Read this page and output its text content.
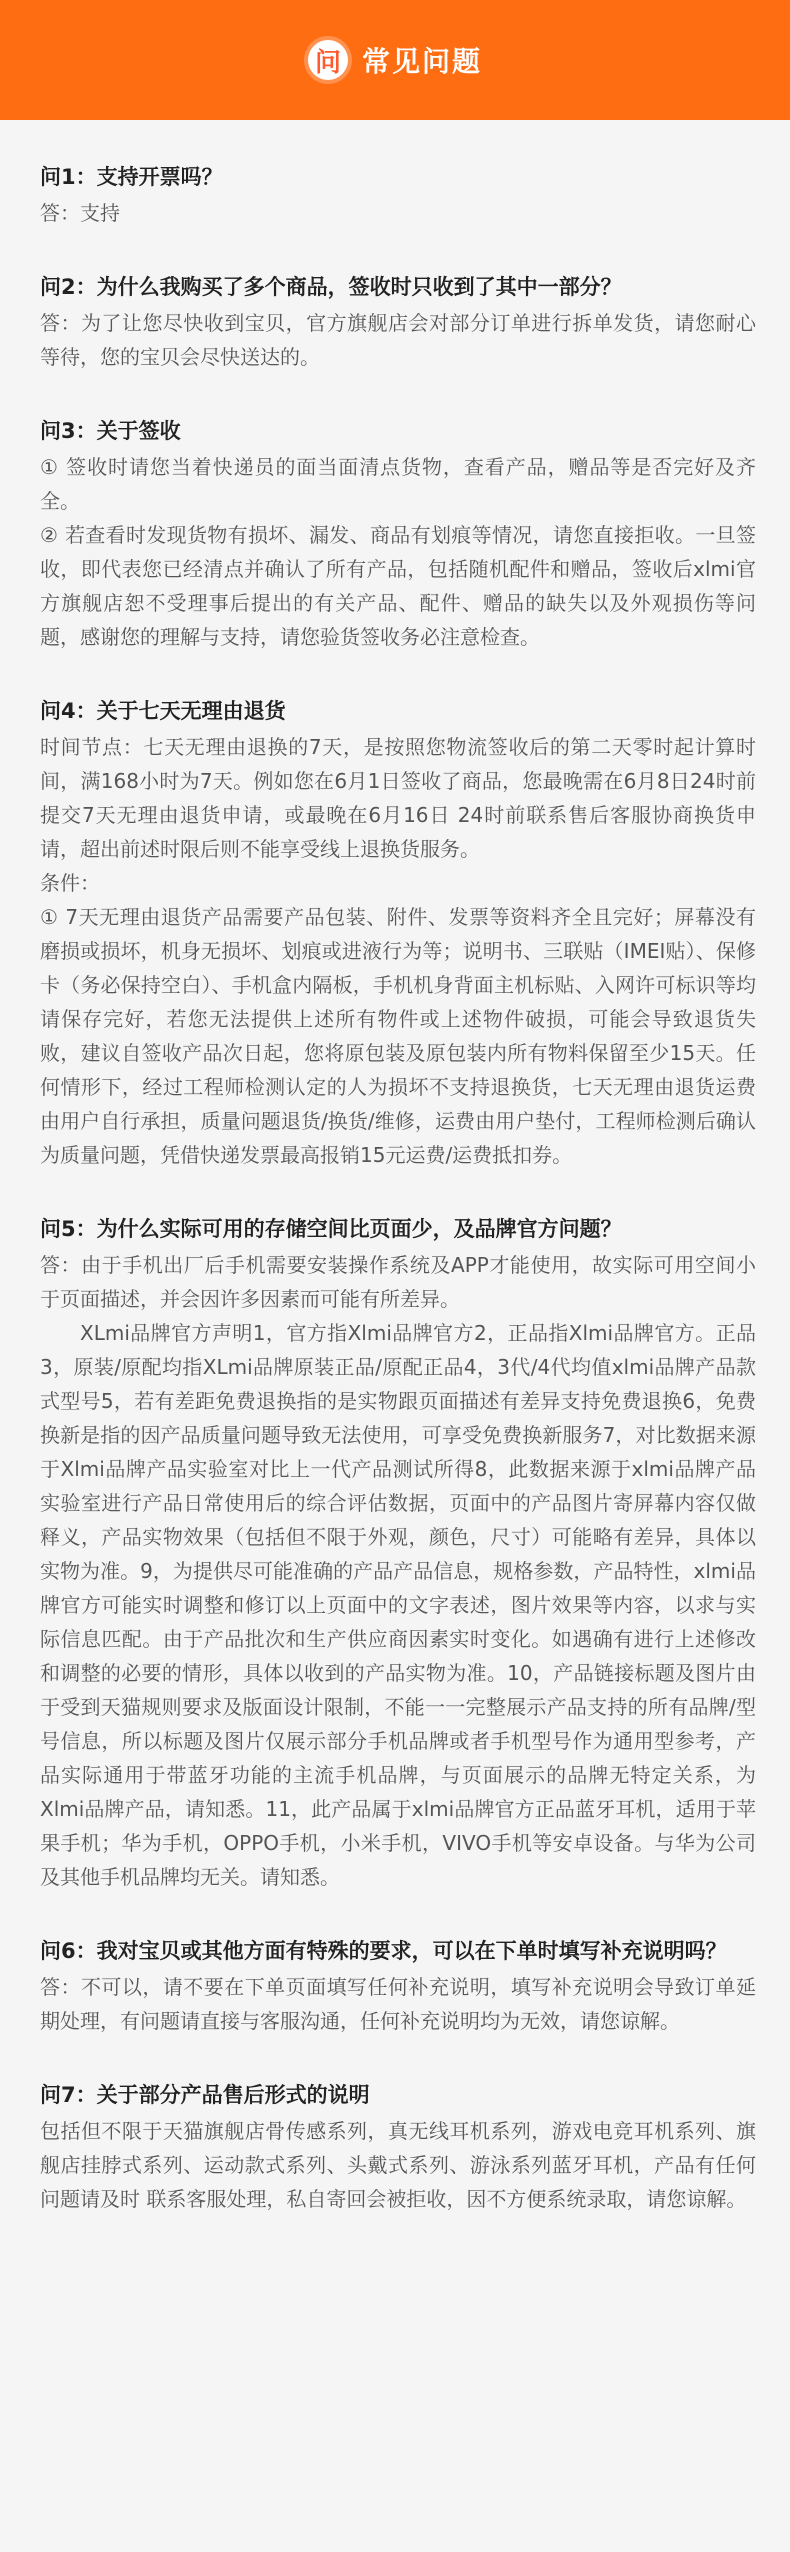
问 常见问题
问1：支持开票吗？

答：支持

问2：为什么我购买了多个商品，签收时只收到了其中一部分？

答：为了让您尽快收到宝贝，官方旗舰店会对部分订单进行拆单发货，请您耐心等待，您的宝贝会尽快送达的。

问3：关于签收

① 签收时请您当着快递员的面当面清点货物，查看产品，赠品等是否完好及齐全。

② 若查看时发现货物有损坏、漏发、商品有划痕等情况，请您直接拒收。一旦签收，即代表您已经清点并确认了所有产品，包括随机配件和赠品，签收后xlmi官方旗舰店恕不受理事后提出的有关产品、配件、赠品的缺失以及外观损伤等问题，感谢您的理解与支持，请您验货签收务必注意检查。

问4：关于七天无理由退货

时间节点：七天无理由退换的7天，是按照您物流签收后的第二天零时起计算时间，满168小时为7天。例如您在6月1日签收了商品，您最晚需在6月8日24时前提交7天无理由退货申请，或最晚在6月16日 24时前联系售后客服协商换货申请，超出前述时限后则不能享受线上退换货服务。

条件：

① 7天无理由退货产品需要产品包装、附件、发票等资料齐全且完好；屏幕没有磨损或损坏，机身无损坏、划痕或进液行为等；说明书、三联贴（IMEI贴）、保修卡（务必保持空白）、手机盒内隔板，手机机身背面主机标贴、入网许可标识等均请保存完好，若您无法提供上述所有物件或上述物件破损，可能会导致退货失败，建议自签收产品次日起，您将原包装及原包装内所有物料保留至少15天。任何情形下，经过工程师检测认定的人为损坏不支持退换货，七天无理由退货运费由用户自行承担，质量问题退货/换货/维修，运费由用户垫付，工程师检测后确认为质量问题，凭借快递发票最高报销15元运费/运费抵扣券。

问5：为什么实际可用的存储空间比页面少，及品牌官方问题？

答：由于手机出厂后手机需要安装操作系统及APP才能使用，故实际可用空间小于页面描述，并会因许多因素而可能有所差异。

XLmi品牌官方声明1，官方指Xlmi品牌官方2，正品指Xlmi品牌官方。正品3，原装/原配均指XLmi品牌原装正品/原配正品4，3代/4代均值xlmi品牌产品款式型号5，若有差距免费退换指的是实物跟页面描述有差异支持免费退换6，免费换新是指的因产品质量问题导致无法使用，可享受免费换新服务7，对比数据来源于Xlmi品牌产品实验室对比上一代产品测试所得8，此数据来源于xlmi品牌产品实验室进行产品日常使用后的综合评估数据，页面中的产品图片寄屏幕内容仅做释义，产品实物效果（包括但不限于外观，颜色，尺寸）可能略有差异，具体以实物为准。9，为提供尽可能准确的产品产品信息，规格参数，产品特性，xlmi品牌官方可能实时调整和修订以上页面中的文字表述，图片效果等内容，以求与实际信息匹配。由于产品批次和生产供应商因素实时变化。如遇确有进行上述修改和调整的必要的情形，具体以收到的产品实物为准。10，产品链接标题及图片由于受到天猫规则要求及版面设计限制，不能一一完整展示产品支持的所有品牌/型号信息，所以标题及图片仅展示部分手机品牌或者手机型号作为通用型参考，产品实际通用于带蓝牙功能的主流手机品牌，与页面展示的品牌无特定关系，为Xlmi品牌产品，请知悉。11，此产品属于xlmi品牌官方正品蓝牙耳机，适用于苹果手机；华为手机，OPPO手机，小米手机，VIVO手机等安卓设备。与华为公司及其他手机品牌均无关。请知悉。

问6：我对宝贝或其他方面有特殊的要求，可以在下单时填写补充说明吗？

答：不可以，请不要在下单页面填写任何补充说明，填写补充说明会导致订单延期处理，有问题请直接与客服沟通，任何补充说明均为无效，请您谅解。

问7：关于部分产品售后形式的说明

包括但不限于天猫旗舰店骨传感系列，真无线耳机系列，游戏电竞耳机系列、旗舰店挂脖式系列、运动款式系列、头戴式系列、游泳系列蓝牙耳机，产品有任何问题请及时 联系客服处理，私自寄回会被拒收，因不方便系统录取，请您谅解。
